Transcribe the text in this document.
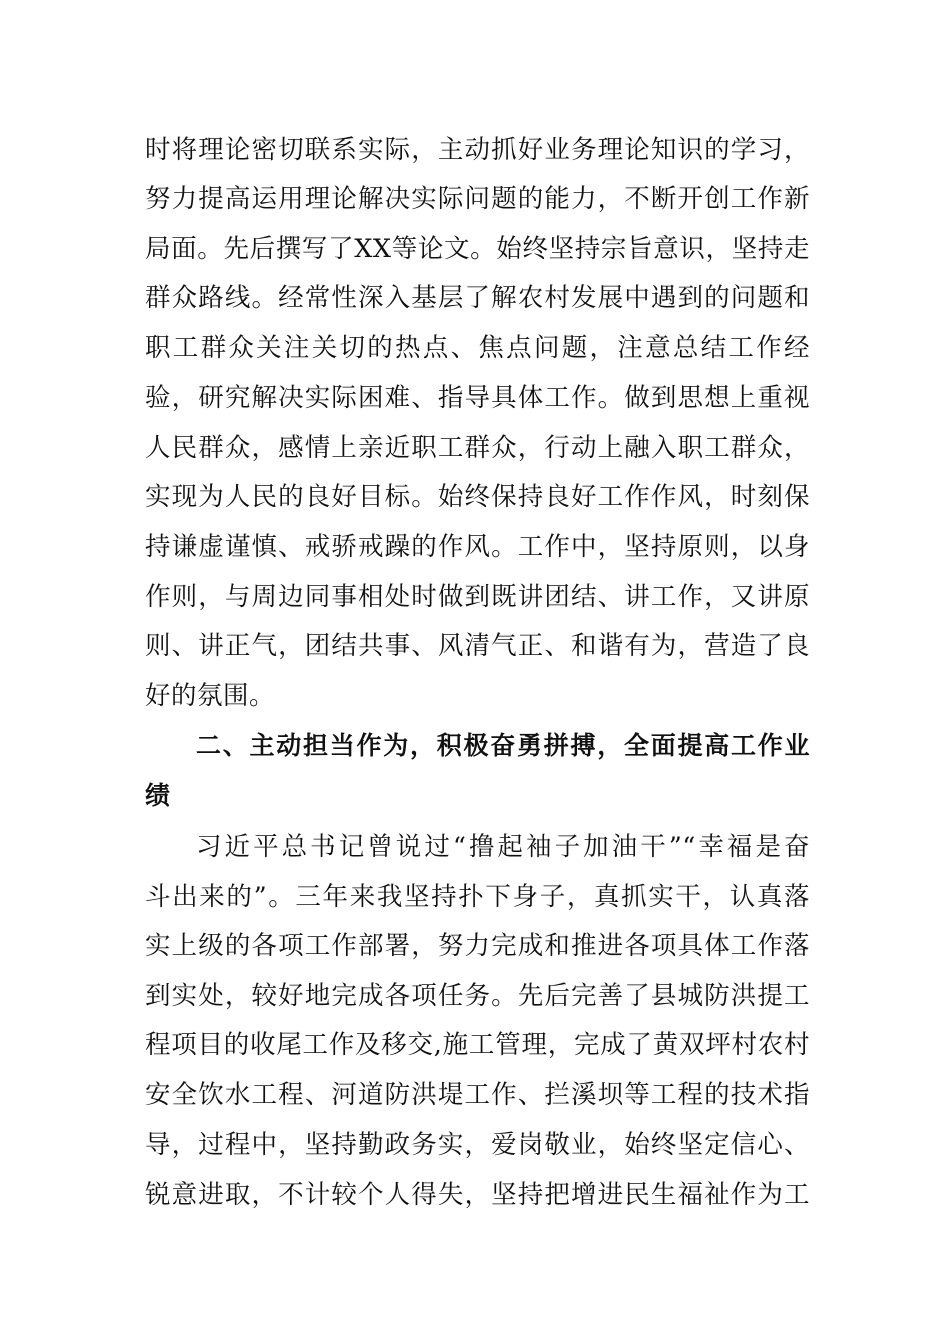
时将理论密切联系实际，主动抓好业务理论知识的学习，
努力提高运用理论解决实际问题的能力，不断开创工作新
局面。先后撰写了XX等论文。始终坚持宗旨意识，坚持走
群众路线。经常性深入基层了解农村发展中遇到的问题和
职工群众关注关切的热点、焦点问题，注意总结工作经
验，研究解决实际困难、指导具体工作。做到思想上重视
人民群众，感情上亲近职工群众，行动上融入职工群众，
实现为人民的良好目标。始终保持良好工作作风，时刻保
持谦虚谨慎、戒骄戒躁的作风。工作中，坚持原则，以身
作则，与周边同事相处时做到既讲团结、讲工作，又讲原
则、讲正气，团结共事、风清气正、和谐有为，营造了良
好的氛围。
二、主动担当作为，积极奋勇拼搏，全面提高工作业
绩
习近平总书记曾说过“撸起袖子加油干”“幸福是奋
斗出来的”。三年来我坚持扑下身子，真抓实干，认真落
实上级的各项工作部署，努力完成和推进各项具体工作落
到实处，较好地完成各项任务。先后完善了县城防洪提工
程项目的收尾工作及移交,施工管理，完成了黄双坪村农村
安全饮水工程、河道防洪堤工作、拦溪坝等工程的技术指
导，过程中，坚持勤政务实，爱岗敬业，始终坚定信心、
锐意进取，不计较个人得失，坚持把增进民生福祉作为工
